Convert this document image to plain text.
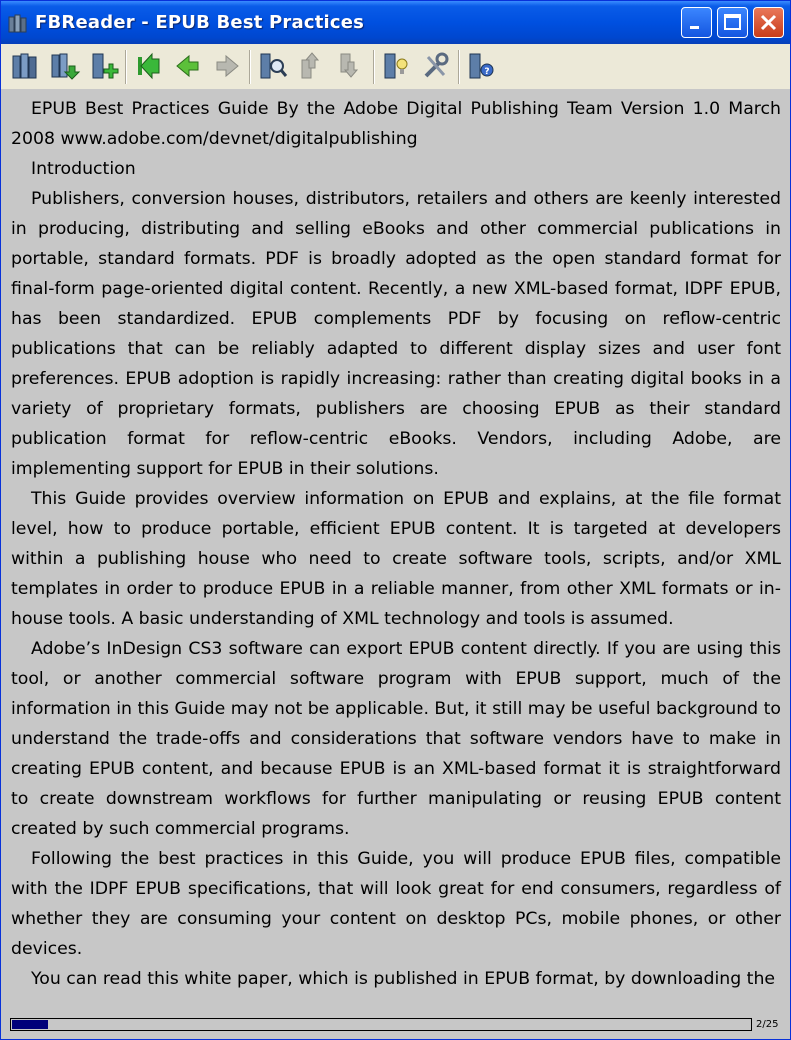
FBReader - EPUB Best Practices
?

EPUB Best Practices Guide By the Adobe Digital Publishing Team Version 1.0 March 2008 www.adobe.com/devnet/digitalpublishing

Introduction

Publishers, conversion houses, distributors, retailers and others are keenly interested in producing, distributing and selling eBooks and other commercial publications in portable, standard formats. PDF is broadly adopted as the open standard format for final-form page-oriented digital content. Recently, a new XML-based format, IDPF EPUB, has been standardized. EPUB complements PDF by focusing on reflow-centric publications that can be reliably adapted to different display sizes and user font preferences. EPUB adoption is rapidly increasing: rather than creating digital books in a variety of proprietary formats, publishers are choosing EPUB as their standard publication format for reflow-centric eBooks. Vendors, including Adobe, are implementing support for EPUB in their solutions.

This Guide provides overview information on EPUB and explains, at the file format level, how to produce portable, efficient EPUB content. It is targeted at developers within a publishing house who need to create software tools, scripts, and/or XML templates in order to produce EPUB in a reliable manner, from other XML formats or in-house tools. A basic understanding of XML technology and tools is assumed.

Adobe’s InDesign CS3 software can export EPUB content directly. If you are using this tool, or another commercial software program with EPUB support, much of the information in this Guide may not be applicable. But, it still may be useful background to understand the trade-offs and considerations that software vendors have to make in creating EPUB content, and because EPUB is an XML-based format it is straightforward to create downstream workflows for further manipulating or reusing EPUB content created by such commercial programs.

Following the best practices in this Guide, you will produce EPUB files, compatible with the IDPF EPUB specifications, that will look great for end consumers, regardless of whether they are consuming your content on desktop PCs, mobile phones, or other devices.

You can read this white paper, which is published in EPUB format, by downloading the

2/25
